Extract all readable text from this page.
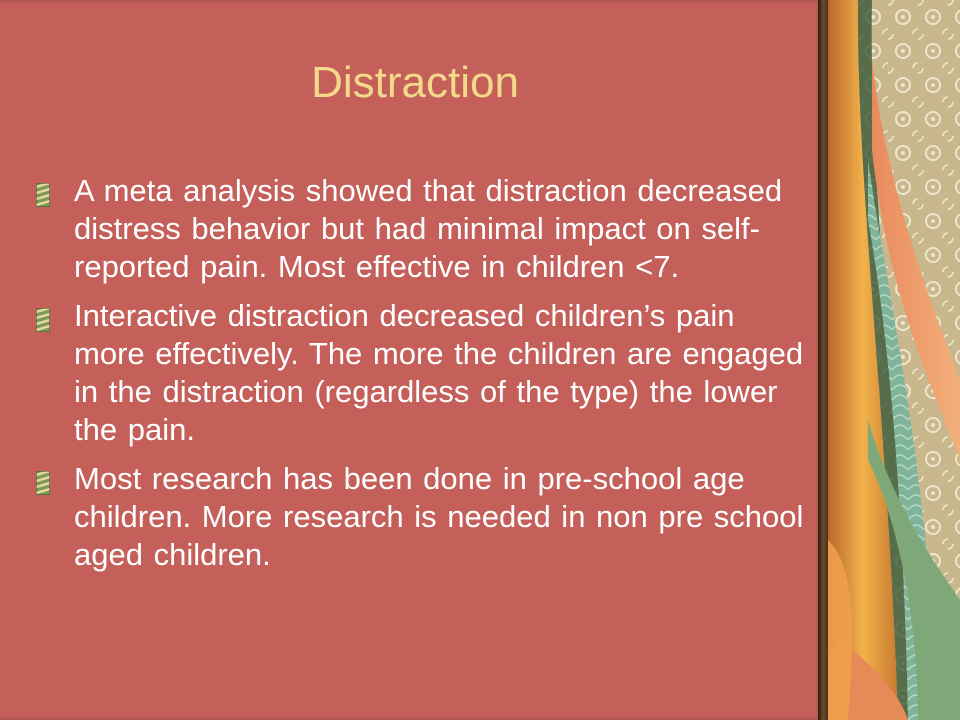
Distraction
A meta analysis showed that distraction decreased distress behavior but had minimal impact on self-reported pain. Most effective in children <7.
Interactive distraction decreased children’s pain more effectively. The more the children are engaged in the distraction (regardless of the type) the lower the pain.
Most research has been done in pre-school age children. More research is needed in non pre school aged children.
